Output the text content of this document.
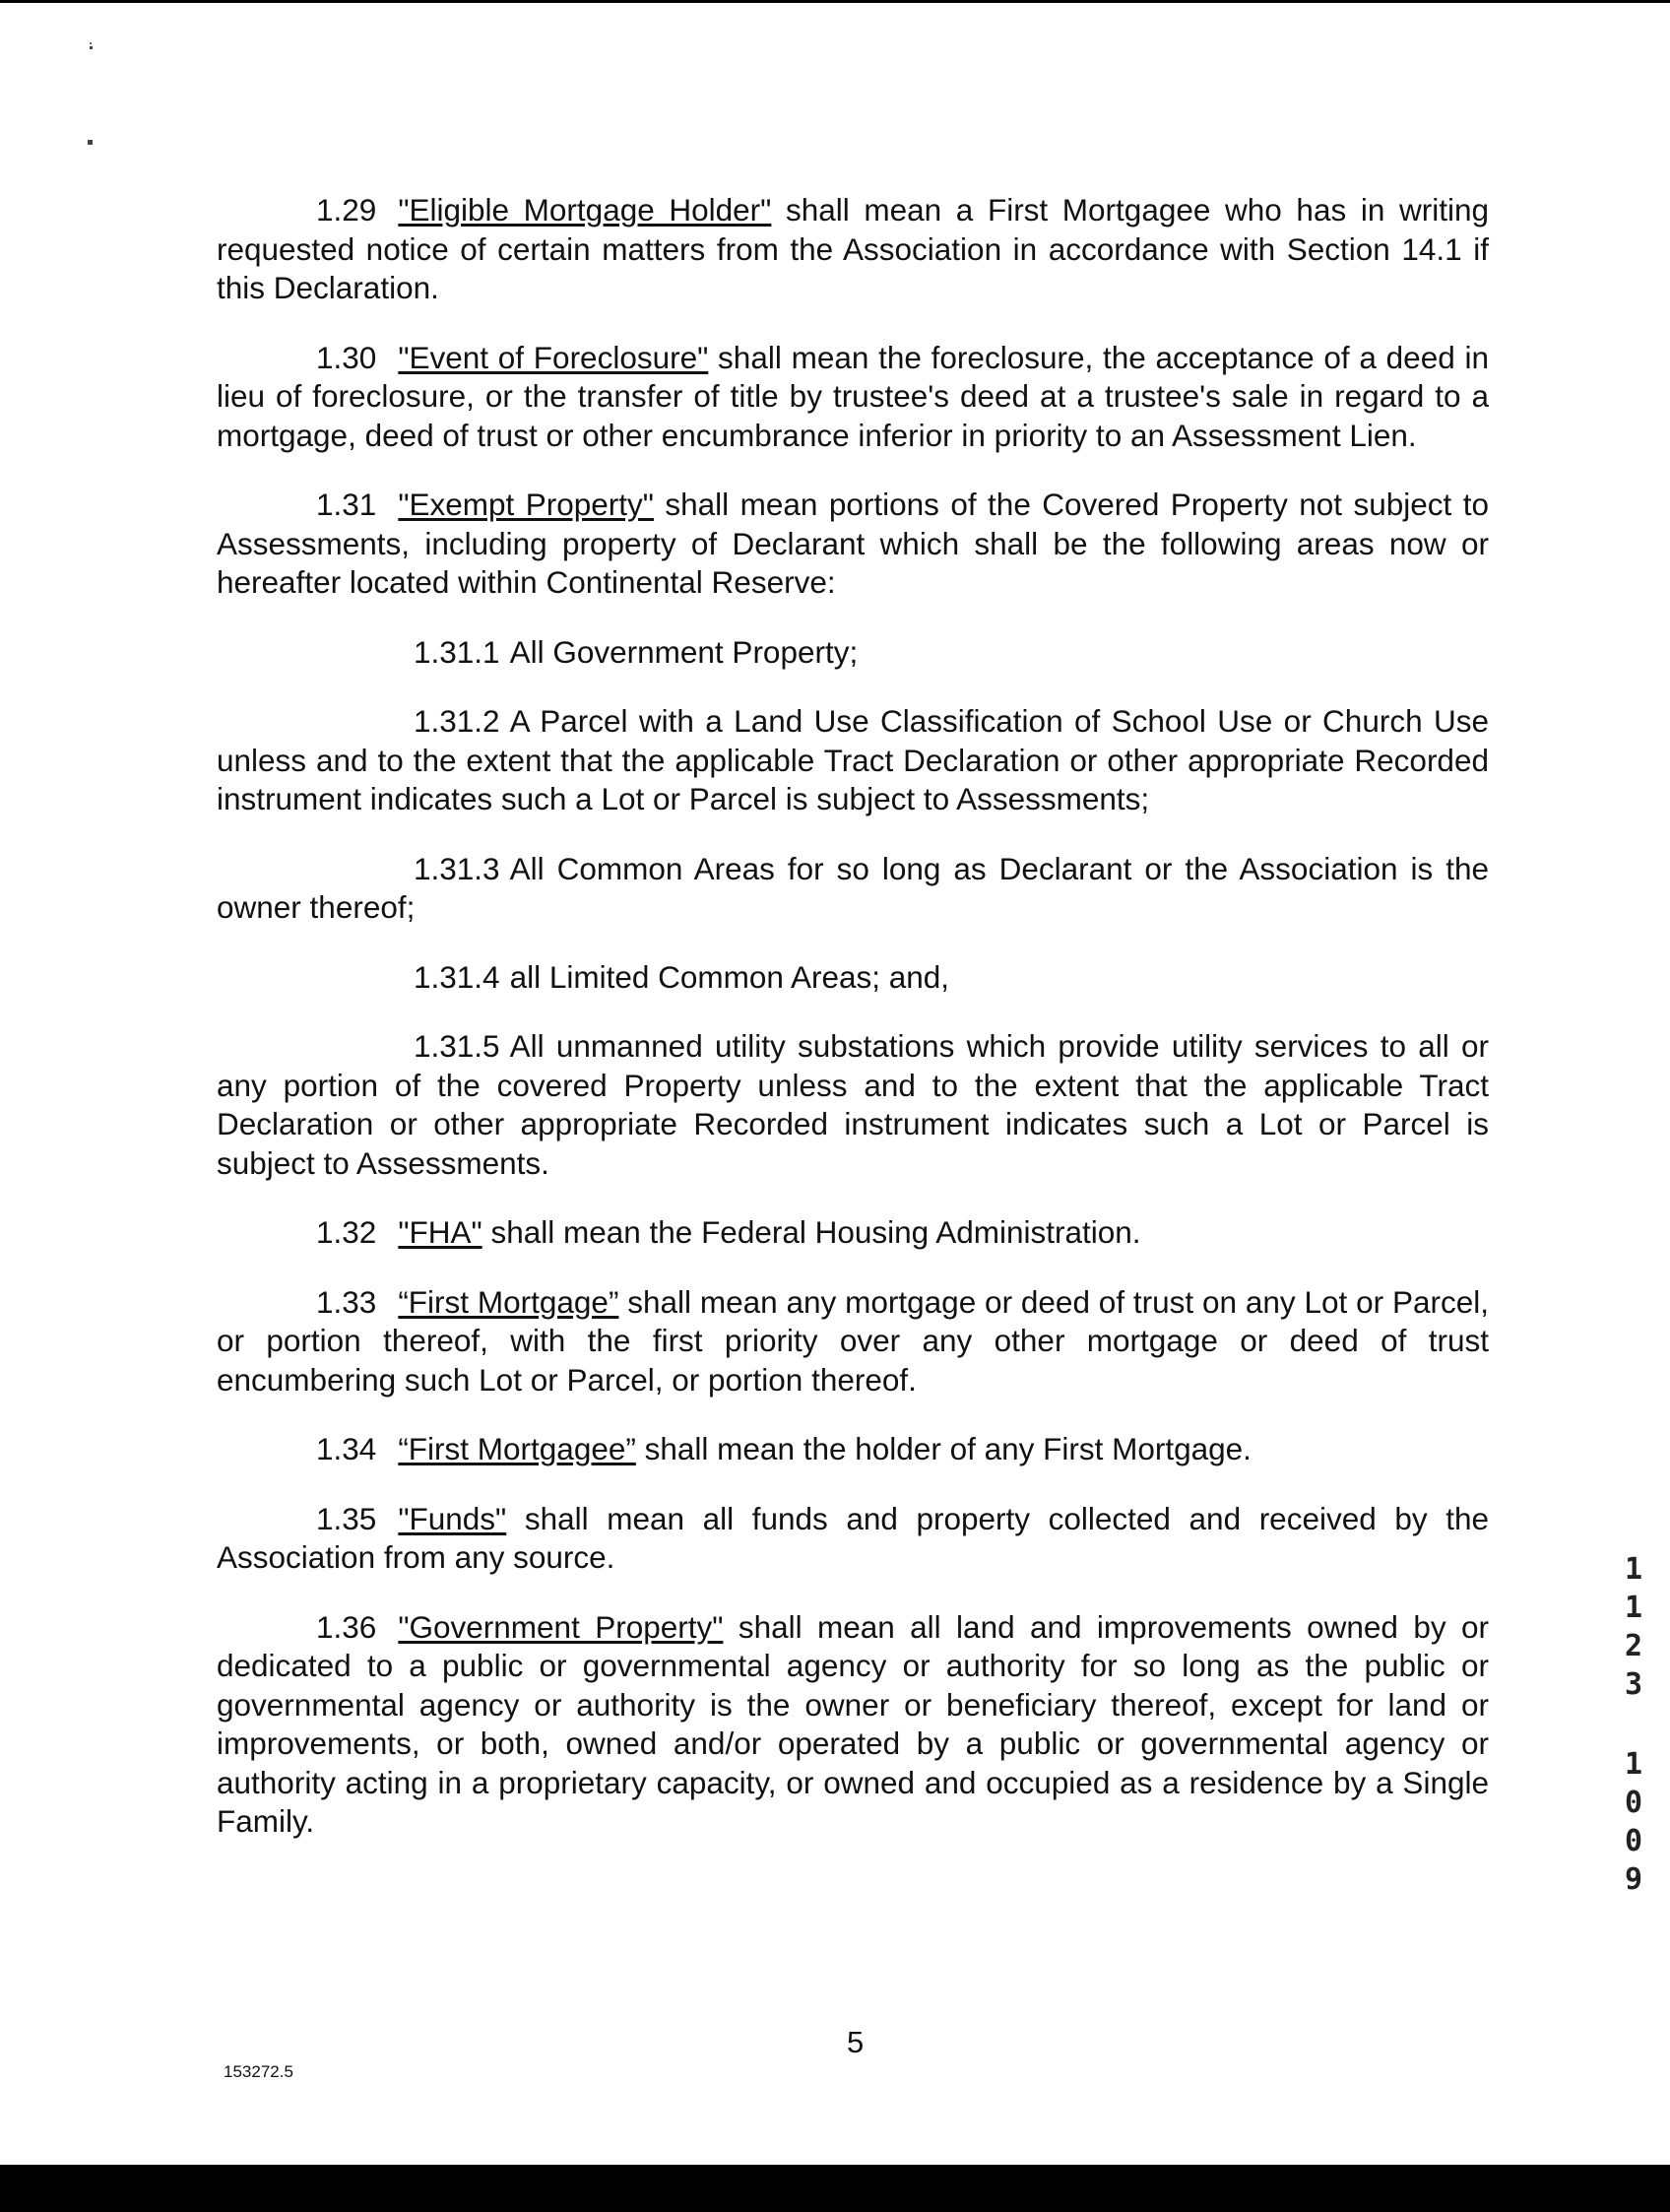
1.29 "Eligible Mortgage Holder" shall mean a First Mortgagee who has in writing requested notice of certain matters from the Association in accordance with Section 14.1 if this Declaration.

1.30 "Event of Foreclosure" shall mean the foreclosure, the acceptance of a deed in lieu of foreclosure, or the transfer of title by trustee's deed at a trustee's sale in regard to a mortgage, deed of trust or other encumbrance inferior in priority to an Assessment Lien.

1.31 "Exempt Property" shall mean portions of the Covered Property not subject to Assessments, including property of Declarant which shall be the following areas now or hereafter located within Continental Reserve:

1.31.1 All Government Property;

1.31.2 A Parcel with a Land Use Classification of School Use or Church Use unless and to the extent that the applicable Tract Declaration or other appropriate Recorded instrument indicates such a Lot or Parcel is subject to Assessments;

1.31.3 All Common Areas for so long as Declarant or the Association is the owner thereof;

1.31.4 all Limited Common Areas; and,

1.31.5 All unmanned utility substations which provide utility services to all or any portion of the covered Property unless and to the extent that the applicable Tract Declaration or other appropriate Recorded instrument indicates such a Lot or Parcel is subject to Assessments.

1.32 "FHA" shall mean the Federal Housing Administration.

1.33 “First Mortgage” shall mean any mortgage or deed of trust on any Lot or Parcel, or portion thereof, with the first priority over any other mortgage or deed of trust encumbering such Lot or Parcel, or portion thereof.

1.34 “First Mortgagee” shall mean the holder of any First Mortgage.

1.35 "Funds" shall mean all funds and property collected and received by the Association from any source.

1.36 "Government Property" shall mean all land and improvements owned by or dedicated to a public or governmental agency or authority for so long as the public or governmental agency or authority is the owner or beneficiary thereof, except for land or improvements, or both, owned and/or operated by a public or governmental agency or authority acting in a proprietary capacity, or owned and occupied as a residence by a Single Family.

5
153272.5
1123
1009
